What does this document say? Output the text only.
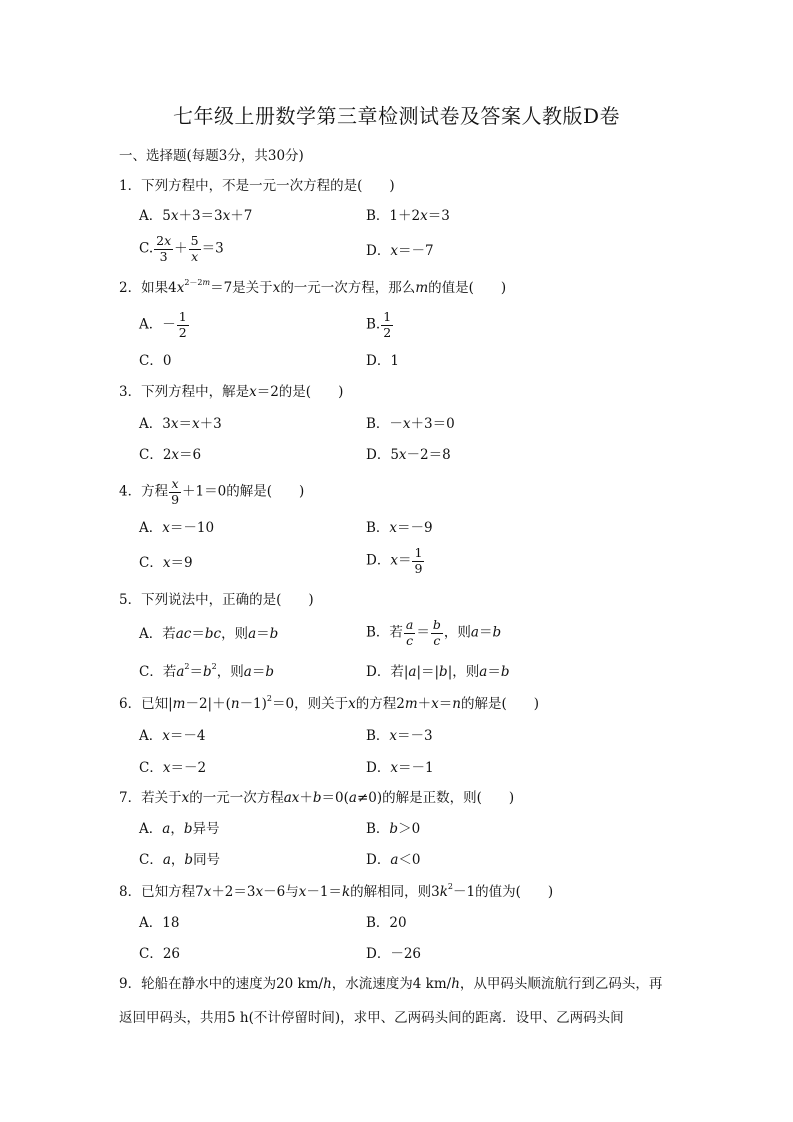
七年级上册数学第三章检测试卷及答案人教版D卷
一、选择题(每题3分，共30分)
1．下列方程中，不是一元一次方程的是(　　)
A．5x＋3＝3x＋7	B．1＋2x＝3
C. $\frac{2x}{3} + \frac{5}{x} =3$	D．x＝－7
2．如果$4x^{2-2m}=7$是关于x的一元一次方程，那么m的值是(　　)
A．－ $\frac{1}{2}$	B. $\frac{1}{2}$
C．0	D．1
3．下列方程中，解是x＝2的是(　　)
A．3x＝x＋3	B．－x＋3＝0
C．2x＝6	D．5x－2＝8
4．方程 $\frac{x}{9} +1=0$的解是(　　)
A．x＝－10	B．x＝－9
C．x＝9	D．$x= \frac{1}{9}$
5．下列说法中，正确的是(　　)
A．若ac＝bc，则a＝b	B．若 $\frac{a}{c} = \frac{b}{c}$ ，则a＝b
C．若$a^2=b^2$，则a＝b	D．若|a|＝|b|，则a＝b
6．已知$|m-2|+(n-1)^2=0$，则关于x的方程2m＋x＝n的解是(　　)
A．x＝－4	B．x＝－3
C．x＝－2	D．x＝－1
7．若关于x的一元一次方程ax＋b＝0(a≠0)的解是正数，则(　　)
A．a，b异号	B．b＞0
C．a，b同号	D．a＜0
8．已知方程7x＋2＝3x－6与x－1＝k的解相同，则$3k^2-1$的值为(　　)
A．18	B．20
C．26	D．－26
9．轮船在静水中的速度为20 km/h，水流速度为4 km/h，从甲码头顺流航行到乙码头，再
返回甲码头，共用5 h(不计停留时间)，求甲、乙两码头间的距离．设甲、乙两码头间
